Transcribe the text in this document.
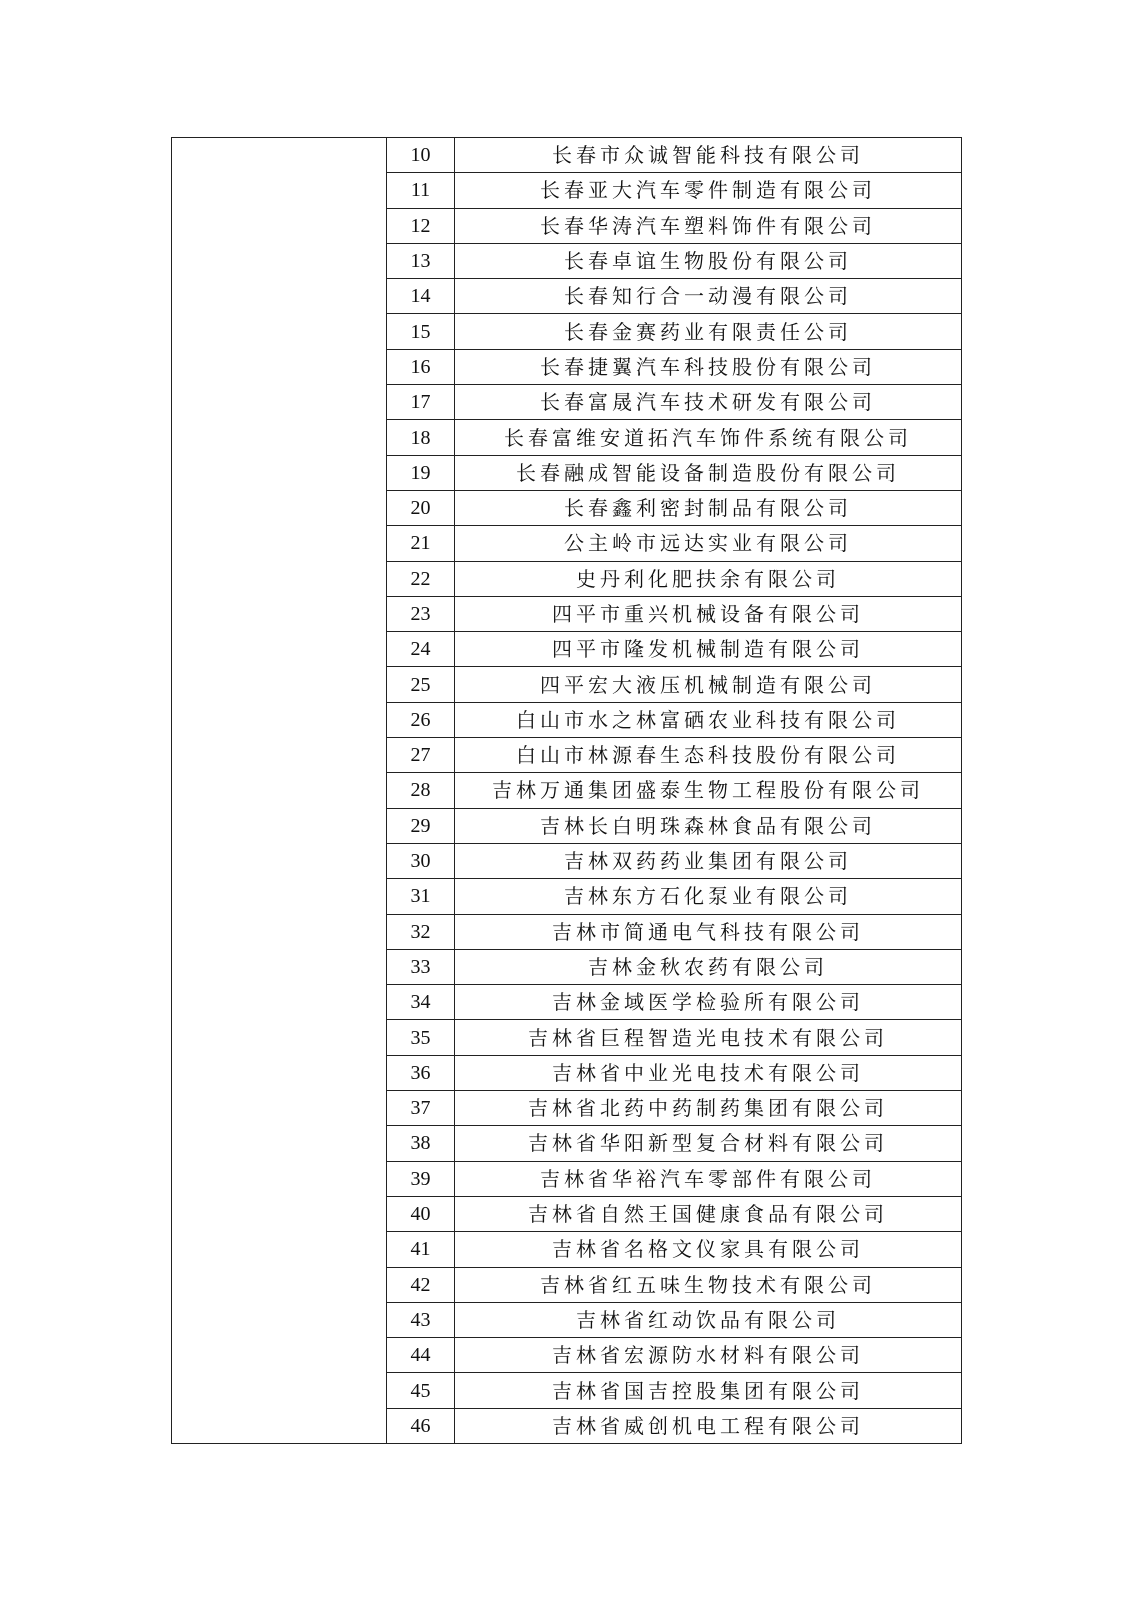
	10	长春市众诚智能科技有限公司
	11	长春亚大汽车零件制造有限公司
	12	长春华涛汽车塑料饰件有限公司
	13	长春卓谊生物股份有限公司
	14	长春知行合一动漫有限公司
	15	长春金赛药业有限责任公司
	16	长春捷翼汽车科技股份有限公司
	17	长春富晟汽车技术研发有限公司
	18	长春富维安道拓汽车饰件系统有限公司
	19	长春融成智能设备制造股份有限公司
	20	长春鑫利密封制品有限公司
	21	公主岭市远达实业有限公司
	22	史丹利化肥扶余有限公司
	23	四平市重兴机械设备有限公司
	24	四平市隆发机械制造有限公司
	25	四平宏大液压机械制造有限公司
	26	白山市水之林富硒农业科技有限公司
	27	白山市林源春生态科技股份有限公司
	28	吉林万通集团盛泰生物工程股份有限公司
	29	吉林长白明珠森林食品有限公司
	30	吉林双药药业集团有限公司
	31	吉林东方石化泵业有限公司
	32	吉林市简通电气科技有限公司
	33	吉林金秋农药有限公司
	34	吉林金域医学检验所有限公司
	35	吉林省巨程智造光电技术有限公司
	36	吉林省中业光电技术有限公司
	37	吉林省北药中药制药集团有限公司
	38	吉林省华阳新型复合材料有限公司
	39	吉林省华裕汽车零部件有限公司
	40	吉林省自然王国健康食品有限公司
	41	吉林省名格文仪家具有限公司
	42	吉林省红五味生物技术有限公司
	43	吉林省红动饮品有限公司
	44	吉林省宏源防水材料有限公司
	45	吉林省国吉控股集团有限公司
	46	吉林省威创机电工程有限公司
